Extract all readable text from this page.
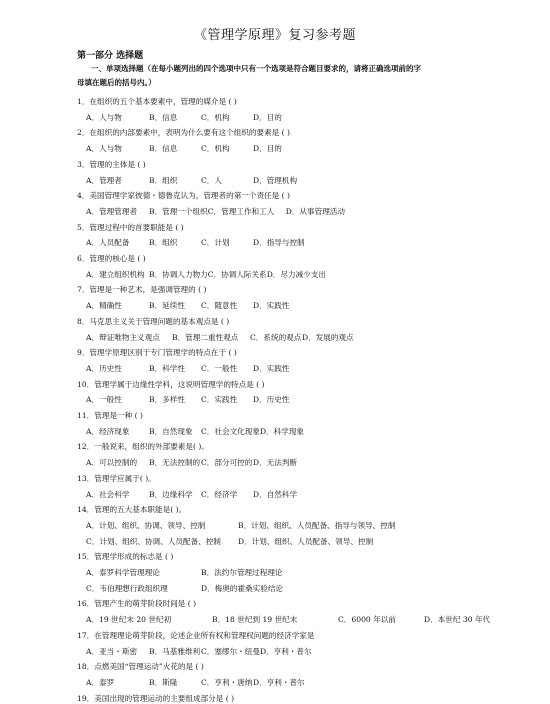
《管理学原理》复习参考题
第一部分 选择题
一、单项选择题（在每小题列出的四个选项中只有一个选项是符合题目要求的，请将正确选项前的字
母填在题后的括号内。）
1．在组织的五个基本要素中，管理的媒介是 ( )
A．人与物	B．信息	C．机构	D．目的
2．在组织的内部要素中，表明为什么要有这个组织的要素是 ( )
A．人与物	B．信息	C．机构	D．目的
3．管理的主体是 ( )
A．管理者	B．组织	C．人	D．管理机构
4．美国管理学家彼德・德鲁克认为，管理者的第一个责任是 ( )
A．管理管理者 B．管理一个组织C．管理工作和工人 D．从事管理活动
5．管理过程中的首要职能是 ( )
A．人员配备	B．组织	C．计划	D．指导与控制
6．管理的核心是 ( )
A．建立组织机构 B．协调人力物力C．协调人际关系D．尽力减少支出
7．管理是一种艺术，是强调管理的 ( )
A．精确性	B．延续性 C．随意性 D．实践性
8．马克思主义关于管理问题的基本观点是 ( )
A．辩证唯物主义观点 B．管理二重性观点 C．系统的观点D．发展的观点
9．管理学原理区别于专门管理学的特点在于 ( )
A．历史性	B．科学性 C．一般性 D．实践性
10．管理学属于边缘性学科，这说明管理学的特点是 ( )
A．一般性	B．多样性 C．实践性 D．历史性
11．管理是一种 ( )
A．经济现象	B．自然现象 C．社会文化现象D．科学现象
12．一般说来，组织的外部要素是( )。
A．可以控制的 B．无法控制的C．部分可控的D．无法判断
13．管理学应属于( )。
A．社会科学	B．边缘科学 C．经济学 D．自然科学
14．管理的五大基本职能是( )。
A．计划、组织、协调、领导、控制	B．计划、组织、人员配备、指导与领导、控制
C．计划、组织、协调、人员配备、控制 D．计划、组织、人员配备、领导、控制
15．管理学形成的标志是 ( )
A．泰罗科学管理理论	B．法约尔管理过程理论
C．韦伯理想行政组织理	D．梅奥的霍桑实验结论
16．管理产生的萌芽阶段时间是 ( )
A．19 世纪末 20 世纪初	B．18 世纪到 19 世纪末	C．6000 年以前	D．本世纪 30 年代
17．在管理理论萌芽阶段，论述企业所有权和管理权问题的经济学家是
A．亚当・斯密 B．马基雅维利C．塞缪尔・纽曼D．亨利・普尔
18．点燃美国“管理运动”火花的是 ( )
A．泰罗	B．斯隆	C．亨利・唐纳D．亨利・普尔
19．美国出现的管理运动的主要组成部分是 ( )
